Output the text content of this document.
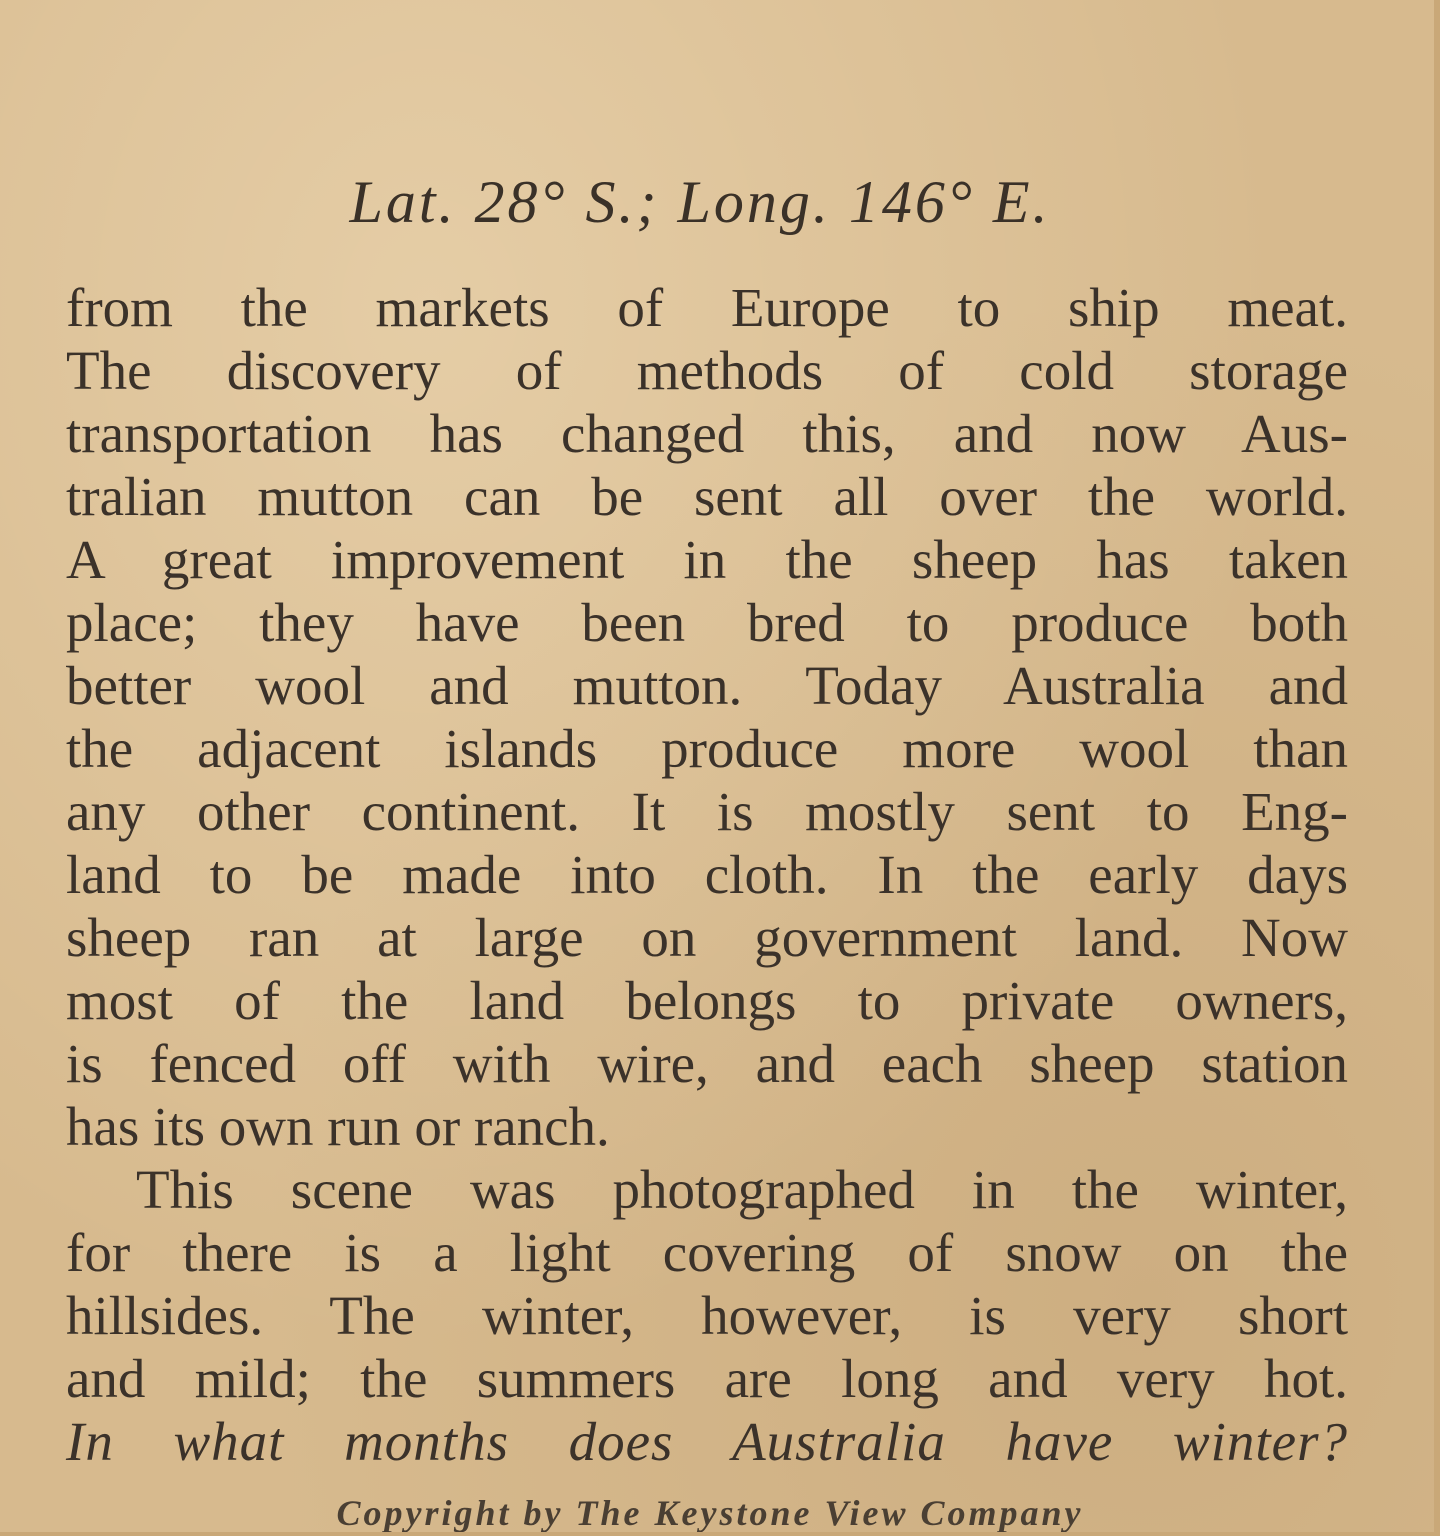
Lat. 28° S.; Long. 146° E.
from the markets of Europe to ship meat.
The discovery of methods of cold storage
transportation has changed this, and now Aus-
tralian mutton can be sent all over the world.
A great improvement in the sheep has taken
place; they have been bred to produce both
better wool and mutton. Today Australia and
the adjacent islands produce more wool than
any other continent. It is mostly sent to Eng-
land to be made into cloth. In the early days
sheep ran at large on government land. Now
most of the land belongs to private owners,
is fenced off with wire, and each sheep station
has its own run or ranch.
This scene was photographed in the winter,
for there is a light covering of snow on the
hillsides. The winter, however, is very short
and mild; the summers are long and very hot.
In what months does Australia have winter?

Copyright by The Keystone View Company
